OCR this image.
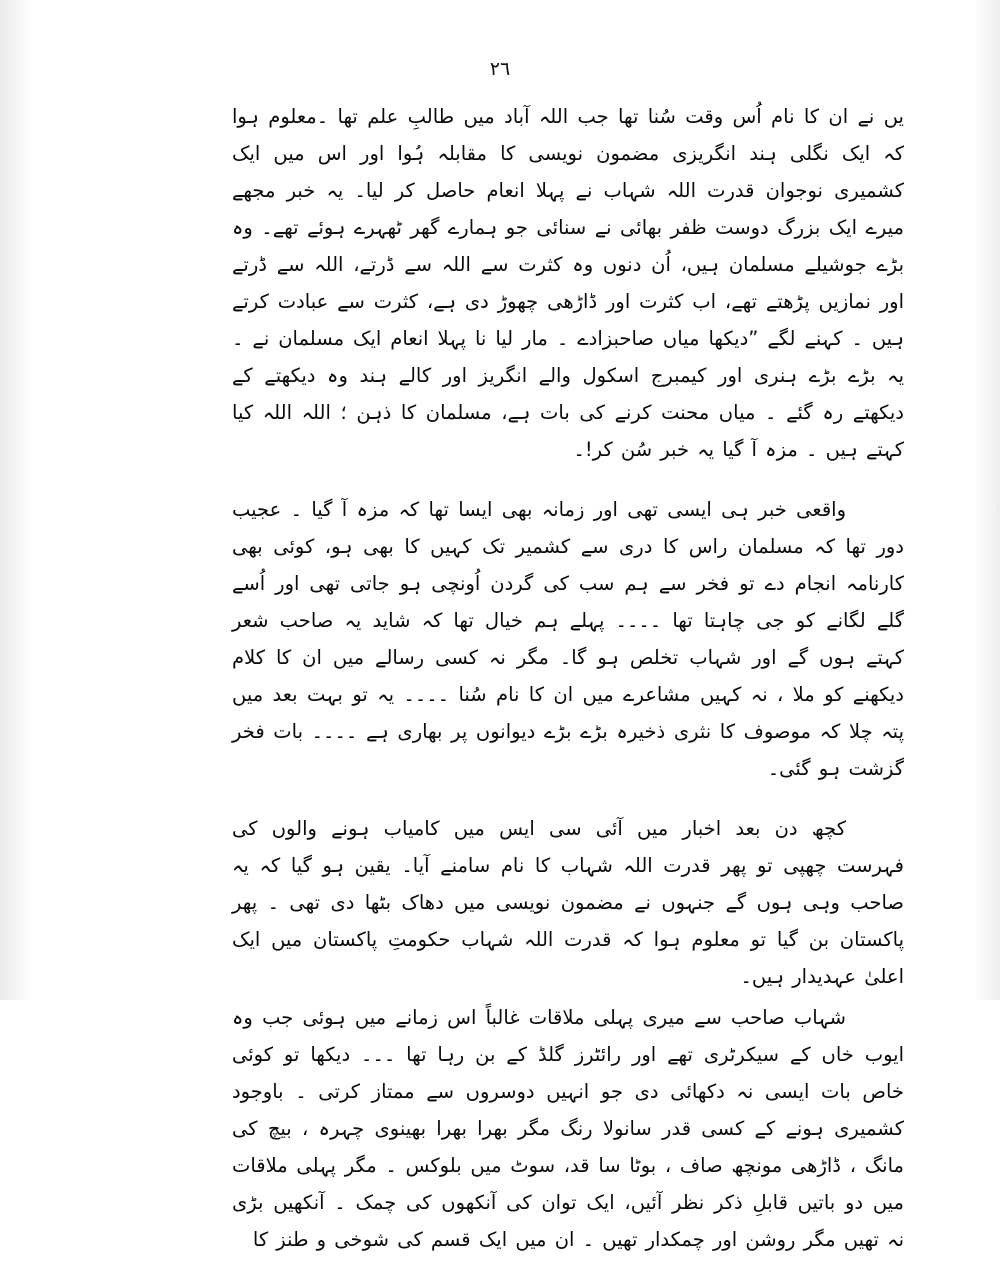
٢٦

یں نے ان کا نام اُس وقت سُنا تھا جب اللہ آباد میں طالبِ علم تھا ۔معلوم ہوا کہ ایک نگلی ہند انگریزی مضمون نویسی کا مقابلہ ہُوا اور اس میں ایک کشمیری نوجوان قدرت اللہ شہاب نے پہلا انعام حاصل کر لیا۔ یہ خبر مجھے میرے ایک بزرگ دوست ظفر بھائی نے سنائی جو ہمارے گھر ٹھہرے ہوئے تھے۔ وہ بڑے جوشیلے مسلمان ہیں، اُن دنوں وہ کثرت سے اللہ سے ڈرتے، اللہ سے ڈرتے اور نمازیں پڑھتے تھے، اب کثرت اور ڈاڑھی چھوڑ دی ہے، کثرت سے عبادت کرتے ہیں ۔ کہنے لگے ”دیکھا میاں صاحبزادے ۔ مار لیا نا پہلا انعام ایک مسلمان نے ۔ یہ بڑے بڑے ہنری اور کیمبرج اسکول والے انگریز اور کالے ہند وہ دیکھتے کے دیکھتے رہ گئے ۔ میاں محنت کرنے کی بات ہے، مسلمان کا ذہن ؛ اللہ اللہ کیا کہتے ہیں ۔ مزہ آ گیا یہ خبر سُن کر!۔

واقعی خبر ہی ایسی تھی اور زمانہ بھی ایسا تھا کہ مزہ آ گیا ۔ عجیب دور تھا کہ مسلمان راس کا دری سے کشمیر تک کہیں کا بھی ہو، کوئی بھی کارنامہ انجام دے تو فخر سے ہم سب کی گردن اُونچی ہو جاتی تھی اور اُسے گلے لگانے کو جی چاہتا تھا ۔۔۔۔ پہلے ہم خیال تھا کہ شاید یہ صاحب شعر کہتے ہوں گے اور شہاب تخلص ہو گا۔ مگر نہ کسی رسالے میں ان کا کلام دیکھنے کو ملا ، نہ کہیں مشاعرے میں ان کا نام سُنا ۔۔۔۔ یہ تو بہت بعد میں پتہ چلا کہ موصوف کا نثری ذخیرہ بڑے بڑے دیوانوں پر بھاری ہے ۔۔۔۔ بات فخر گزشت ہو گئی۔

کچھ دن بعد اخبار میں آئی سی ایس میں کامیاب ہونے والوں کی فہرست چھپی تو پھر قدرت اللہ شہاب کا نام سامنے آیا۔ یقین ہو گیا کہ یہ صاحب وہی ہوں گے جنہوں نے مضمون نویسی میں دھاک بٹھا دی تھی ۔ پھر پاکستان بن گیا تو معلوم ہوا کہ قدرت اللہ شہاب حکومتِ پاکستان میں ایک اعلیٰ عہدیدار ہیں۔

شہاب صاحب سے میری پہلی ملاقات غالباً اس زمانے میں ہوئی جب وہ ایوب خاں کے سیکرٹری تھے اور رائٹرز گلڈ کے بن رہا تھا ۔۔۔ دیکھا تو کوئی خاص بات ایسی نہ دکھائی دی جو انہیں دوسروں سے ممتاز کرتی ۔ باوجود کشمیری ہونے کے کسی قدر سانولا رنگ مگر بھرا بھرا بھینوی چہرہ ، بیچ کی مانگ ، ڈاڑھی مونچھ صاف ، بوٹا سا قد، سوٹ میں بلوکس ۔ مگر پہلی ملاقات میں دو باتیں قابلِ ذکر نظر آئیں، ایک توان کی آنکھوں کی چمک ۔ آنکھیں بڑی نہ تھیں مگر روشن اور چمکدار تھیں ۔ ان میں ایک قسم کی شوخی و طنز کا
